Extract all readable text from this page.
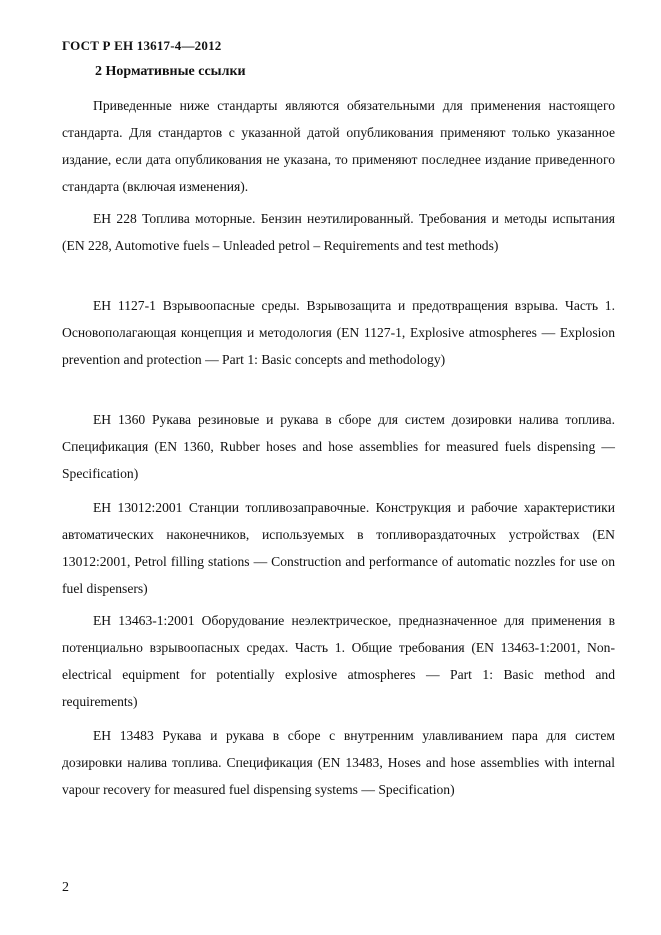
ГОСТ Р ЕН 13617-4—2012
2 Нормативные ссылки
Приведенные ниже стандарты являются обязательными для применения настоящего стандарта. Для стандартов с указанной датой опубликования применяют только указанное издание, если дата опубликования не указана, то применяют последнее издание приведенного стандарта (включая изменения).
ЕН 228 Топлива моторные. Бензин неэтилированный. Требования и методы испытания (EN 228, Automotive fuels – Unleaded petrol – Requirements and test methods)
ЕН 1127-1 Взрывоопасные среды. Взрывозащита и предотвращения взрыва. Часть 1. Основополагающая концепция и методология (EN 1127-1, Explosive atmospheres — Explosion prevention and protection — Part 1: Basic concepts and methodology)
ЕН 1360 Рукава резиновые и рукава в сборе для систем дозировки налива топлива. Спецификация (EN 1360, Rubber hoses and hose assemblies for measured fuels dispensing — Specification)
ЕН 13012:2001 Станции топливозаправочные. Конструкция и рабочие характеристики автоматических наконечников, используемых в топливораздаточных устройствах (EN 13012:2001, Petrol filling stations — Construction and performance of automatic nozzles for use on fuel dispensers)
ЕН 13463-1:2001 Оборудование неэлектрическое, предназначенное для применения в потенциально взрывоопасных средах. Часть 1. Общие требования (EN 13463-1:2001, Non-electrical equipment for potentially explosive atmospheres — Part 1: Basic method and requirements)
ЕН 13483 Рукава и рукава в сборе с внутренним улавливанием пара для систем дозировки налива топлива. Спецификация (EN 13483, Hoses and hose assemblies with internal vapour recovery for measured fuel dispensing systems — Specification)
2
